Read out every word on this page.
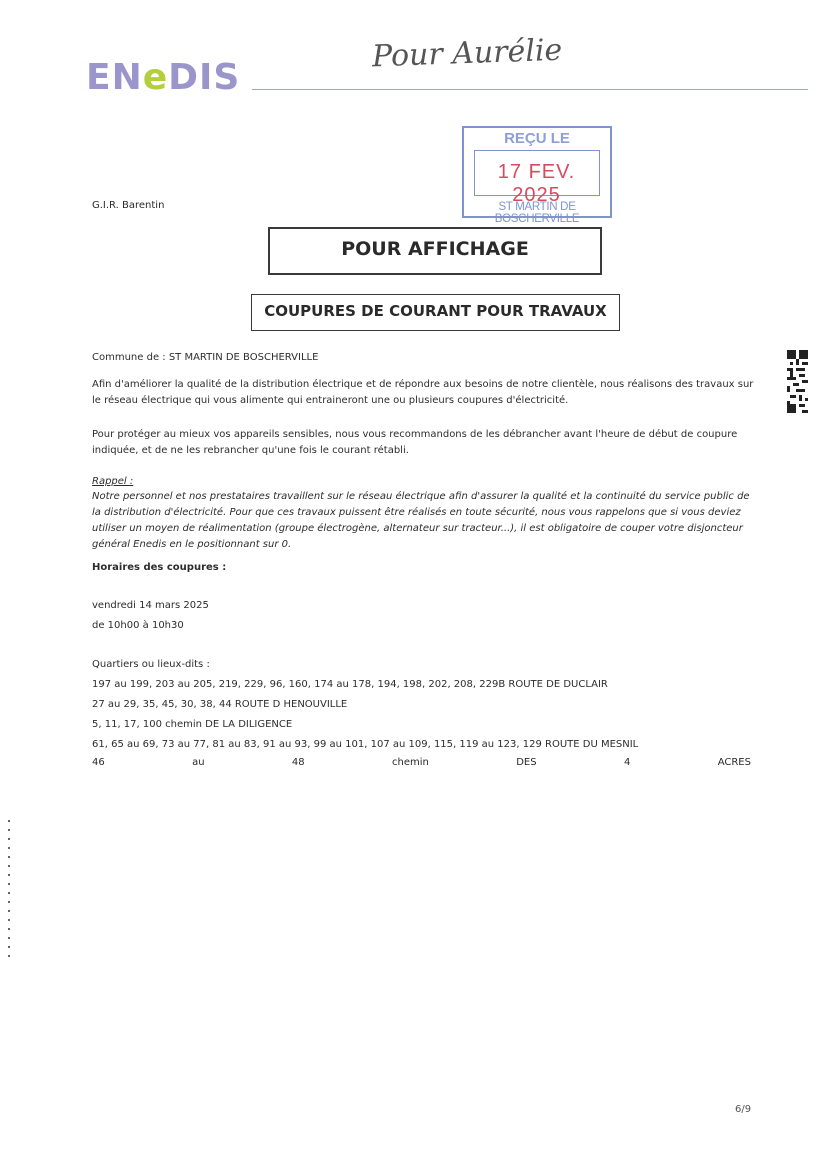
ENeDIS
Pour Aurélie
REÇU LE
17 FEV. 2025
ST MARTIN DE BOSCHERVILLE
G.I.R. Barentin
POUR AFFICHAGE
COUPURES DE COURANT POUR TRAVAUX
Commune de : ST MARTIN DE BOSCHERVILLE
Afin d'améliorer la qualité de la distribution électrique et de répondre aux besoins de notre clientèle, nous réalisons des travaux sur le réseau électrique qui vous alimente qui entraineront une ou plusieurs coupures d'électricité.
Pour protéger au mieux vos appareils sensibles, nous vous recommandons de les débrancher avant l'heure de début de coupure indiquée, et de ne les rebrancher qu'une fois le courant rétabli.
Rappel :
Notre personnel et nos prestataires travaillent sur le réseau électrique afin d'assurer la qualité et la continuité du service public de la distribution d'électricité. Pour que ces travaux puissent être réalisés en toute sécurité, nous vous rappelons que si vous deviez utiliser un moyen de réalimentation (groupe électrogène, alternateur sur tracteur...), il est obligatoire de couper votre disjoncteur général Enedis en le positionnant sur 0.
Horaires des coupures :
vendredi 14 mars 2025
de 10h00 à 10h30
Quartiers ou lieux-dits :
197 au 199, 203 au 205, 219, 229, 96, 160, 174 au 178, 194, 198, 202, 208, 229B ROUTE DE DUCLAIR
27 au 29, 35, 45, 30, 38, 44 ROUTE D HENOUVILLE
5, 11, 17, 100 chemin DE LA DILIGENCE
61, 65 au 69, 73 au 77, 81 au 83, 91 au 93, 99 au 101, 107 au 109, 115, 119 au 123, 129 ROUTE DU MESNIL
46	au	48	chemin	DES	4	ACRES
6/9
